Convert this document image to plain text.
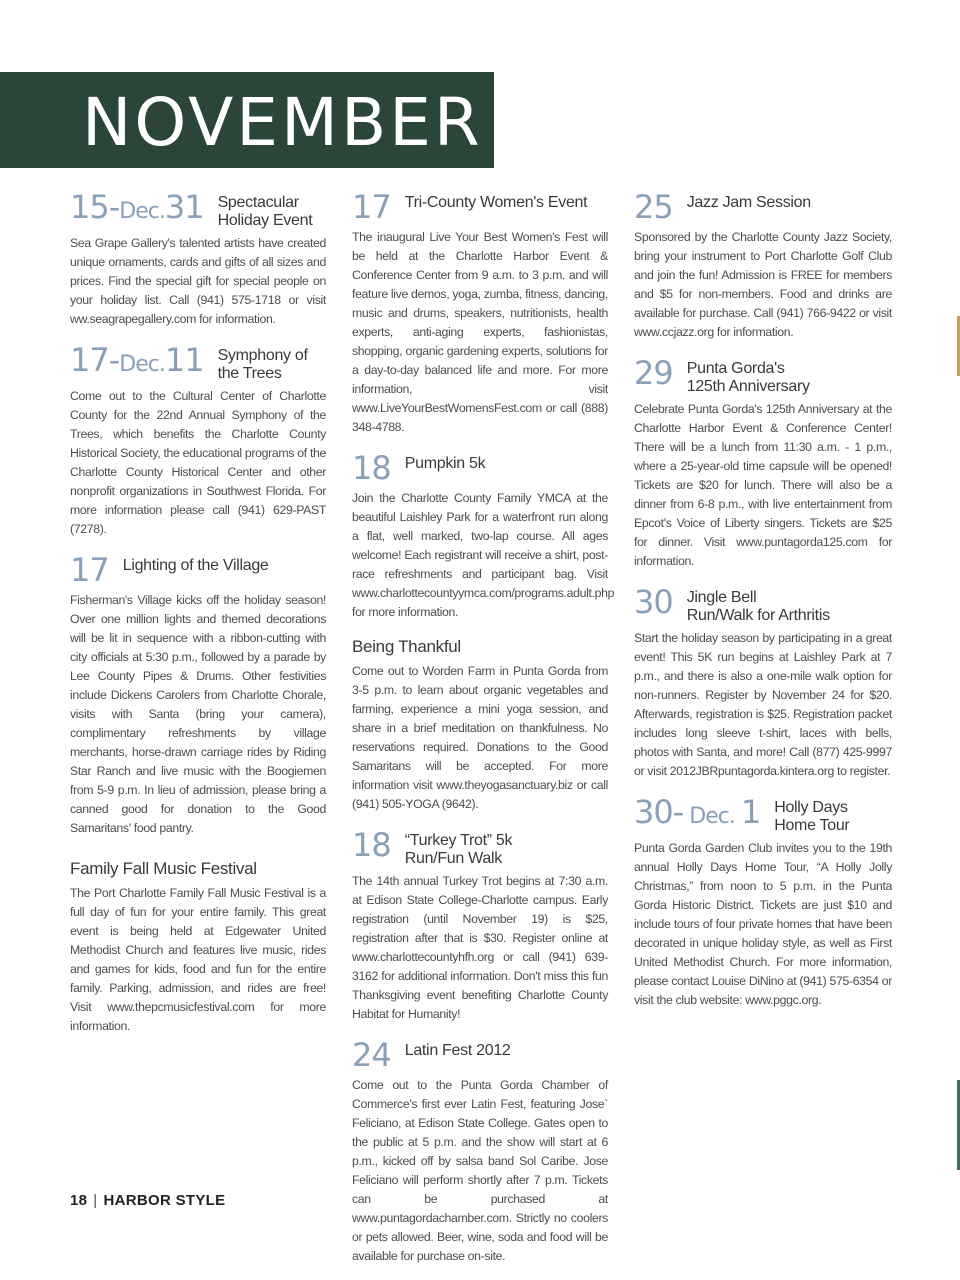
NOVEMBER
15-Dec.31 Spectacular
Holiday Event

Sea Grape Gallery's talented artists have created unique ornaments, cards and gifts of all sizes and prices. Find the special gift for special people on your holiday list. Call (941) 575-1718 or visit ww.seagrapegallery.com for information.

17-Dec.11 Symphony of
the Trees

Come out to the Cultural Center of Charlotte County for the 22nd Annual Symphony of the Trees, which benefits the Charlotte County Historical Society, the educational programs of the Charlotte County Historical Center and other nonprofit organizations in Southwest Florida. For more information please call (941) 629-PAST (7278).

17 Lighting of the Village

Fisherman's Village kicks off the holiday season! Over one million lights and themed decorations will be lit in sequence with a ribbon-cutting with city officials at 5:30 p.m., followed by a parade by Lee County Pipes & Drums. Other festivities include Dickens Carolers from Charlotte Chorale, visits with Santa (bring your camera), complimentary refreshments by village merchants, horse-drawn carriage rides by Riding Star Ranch and live music with the Boogiemen from 5-9 p.m. In lieu of admission, please bring a canned good for donation to the Good Samaritans' food pantry.

Family Fall Music Festival

The Port Charlotte Family Fall Music Festival is a full day of fun for your entire family. This great event is being held at Edgewater United Methodist Church and features live music, rides and games for kids, food and fun for the entire family. Parking, admission, and rides are free! Visit www.thepcmusicfestival.com for more information.

17 Tri-County Women's Event

The inaugural Live Your Best Women's Fest will be held at the Charlotte Harbor Event & Conference Center from 9 a.m. to 3 p.m. and will feature live demos, yoga, zumba, fitness, dancing, music and drums, speakers, nutritionists, health experts, anti-aging experts, fashionistas, shopping, organic gardening experts, solutions for a day-to-day balanced life and more. For more information, visit www.LiveYourBestWomensFest.com or call (888) 348-4788.

18 Pumpkin 5k

Join the Charlotte County Family YMCA at the beautiful Laishley Park for a waterfront run along a flat, well marked, two-lap course. All ages welcome! Each registrant will receive a shirt, post-race refreshments and participant bag. Visit www.charlottecountyymca.com/programs.adult.php for more information.

Being Thankful

Come out to Worden Farm in Punta Gorda from 3-5 p.m. to learn about organic vegetables and farming, experience a mini yoga session, and share in a brief meditation on thankfulness. No reservations required. Donations to the Good Samaritans will be accepted. For more information visit www.theyogasanctuary.biz or call (941) 505-YOGA (9642).

18 “Turkey Trot” 5k
Run/Fun Walk

The 14th annual Turkey Trot begins at 7:30 a.m. at Edison State College-Charlotte campus. Early registration (until November 19) is $25, registration after that is $30. Register online at www.charlottecountyhfh.org or call (941) 639-3162 for additional information. Don't miss this fun Thanksgiving event benefiting Charlotte County Habitat for Humanity!

24 Latin Fest 2012

Come out to the Punta Gorda Chamber of Commerce's first ever Latin Fest, featuring Jose` Feliciano, at Edison State College. Gates open to the public at 5 p.m. and the show will start at 6 p.m., kicked off by salsa band Sol Caribe. Jose Feliciano will perform shortly after 7 p.m. Tickets can be purchased at www.puntagordachamber.com. Strictly no coolers or pets allowed. Beer, wine, soda and food will be available for purchase on-site.

25 Jazz Jam Session

Sponsored by the Charlotte County Jazz Society, bring your instrument to Port Charlotte Golf Club and join the fun! Admission is FREE for members and $5 for non-members. Food and drinks are available for purchase. Call (941) 766-9422 or visit www.ccjazz.org for information.

29 Punta Gorda's
125th Anniversary

Celebrate Punta Gorda's 125th Anniversary at the Charlotte Harbor Event & Conference Center! There will be a lunch from 11:30 a.m. - 1 p.m., where a 25-year-old time capsule will be opened! Tickets are $20 for lunch. There will also be a dinner from 6-8 p.m., with live entertainment from Epcot's Voice of Liberty singers. Tickets are $25 for dinner. Visit www.puntagorda125.com for information.

30 Jingle Bell
Run/Walk for Arthritis

Start the holiday season by participating in a great event! This 5K run begins at Laishley Park at 7 p.m., and there is also a one-mile walk option for non-runners. Register by November 24 for $20. Afterwards, registration is $25. Registration packet includes long sleeve t-shirt, laces with bells, photos with Santa, and more! Call (877) 425-9997 or visit 2012JBRpuntagorda.kintera.org to register.

30- Dec. 1 Holly Days
Home Tour

Punta Gorda Garden Club invites you to the 19th annual Holly Days Home Tour, “A Holly Jolly Christmas,” from noon to 5 p.m. in the Punta Gorda Historic District. Tickets are just $10 and include tours of four private homes that have been decorated in unique holiday style, as well as First United Methodist Church. For more information, please contact Louise DiNino at (941) 575-6354 or visit the club website: www.pggc.org.

18 | HARBOR STYLE
